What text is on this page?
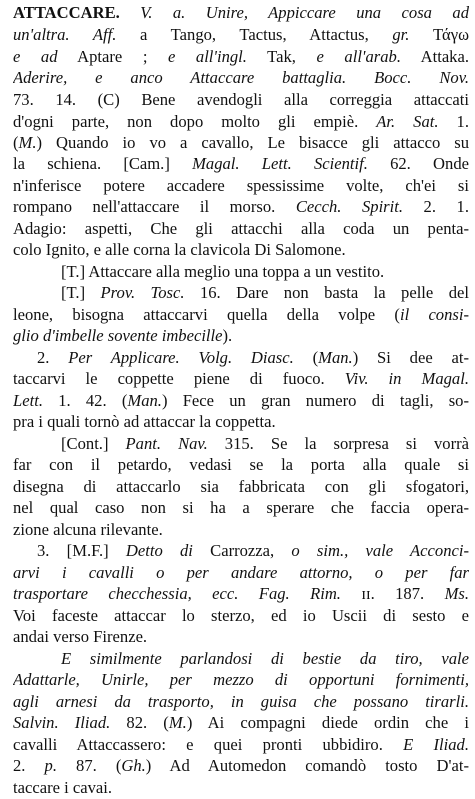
ATTACCARE. V. a. Unire, Appiccare una cosa ad
un'altra. Aff. a Tango, Tactus, Attactus, gr. Τάγω
e ad Aptare ; e all'ingl. Tak, e all'arab. Attaka.
Aderire, e anco Attaccare battaglia. Bocc. Nov.
73. 14. (C) Bene avendogli alla correggia attaccati
d'ogni parte, non dopo molto gli empiè. Ar. Sat. 1.
(M.) Quando io vo a cavallo, Le bisacce gli attacco su
la schiena. [Cam.] Magal. Lett. Scientif. 62. Onde
n'inferisce potere accadere spessissime volte, ch'ei si
rompano nell'attaccare il morso. Cecch. Spirit. 2. 1.
Adagio: aspetti, Che gli attacchi alla coda un penta-
colo Ignito, e alle corna la clavicola Di Salomone.
[T.] Attaccare alla meglio una toppa a un vestito.
[T.] Prov. Tosc. 16. Dare non basta la pelle del
leone, bisogna attaccarvi quella della volpe (il consi-
glio d'imbelle sovente imbecille).
2. Per Applicare. Volg. Diasc. (Man.) Si dee at-
taccarvi le coppette piene di fuoco. Viv. in Magal.
Lett. 1. 42. (Man.) Fece un gran numero di tagli, so-
pra i quali tornò ad attaccar la coppetta.
[Cont.] Pant. Nav. 315. Se la sorpresa si vorrà
far con il petardo, vedasi se la porta alla quale si
disegna di attaccarlo sia fabbricata con gli sfogatori,
nel qual caso non si ha a sperare che faccia opera-
zione alcuna rilevante.
3. [M.F.] Detto di Carrozza, o sim., vale Acconci-
arvi i cavalli o per andare attorno, o per far
trasportare checchessia, ecc. Fag. Rim. ɪɪ. 187. Ms.
Voi faceste attaccar lo sterzo, ed io Uscii di sesto e
andai verso Firenze.
E similmente parlandosi di bestie da tiro, vale
Adattarle, Unirle, per mezzo di opportuni fornimenti,
agli arnesi da trasporto, in guisa che possano tirarli.
Salvin. Iliad. 82. (M.) Ai compagni diede ordin che i
cavalli Attaccassero: e quei pronti ubbidiro. E Iliad.
2. p. 87. (Gh.) Ad Automedon comandò tosto D'at-
taccare i cavai.
